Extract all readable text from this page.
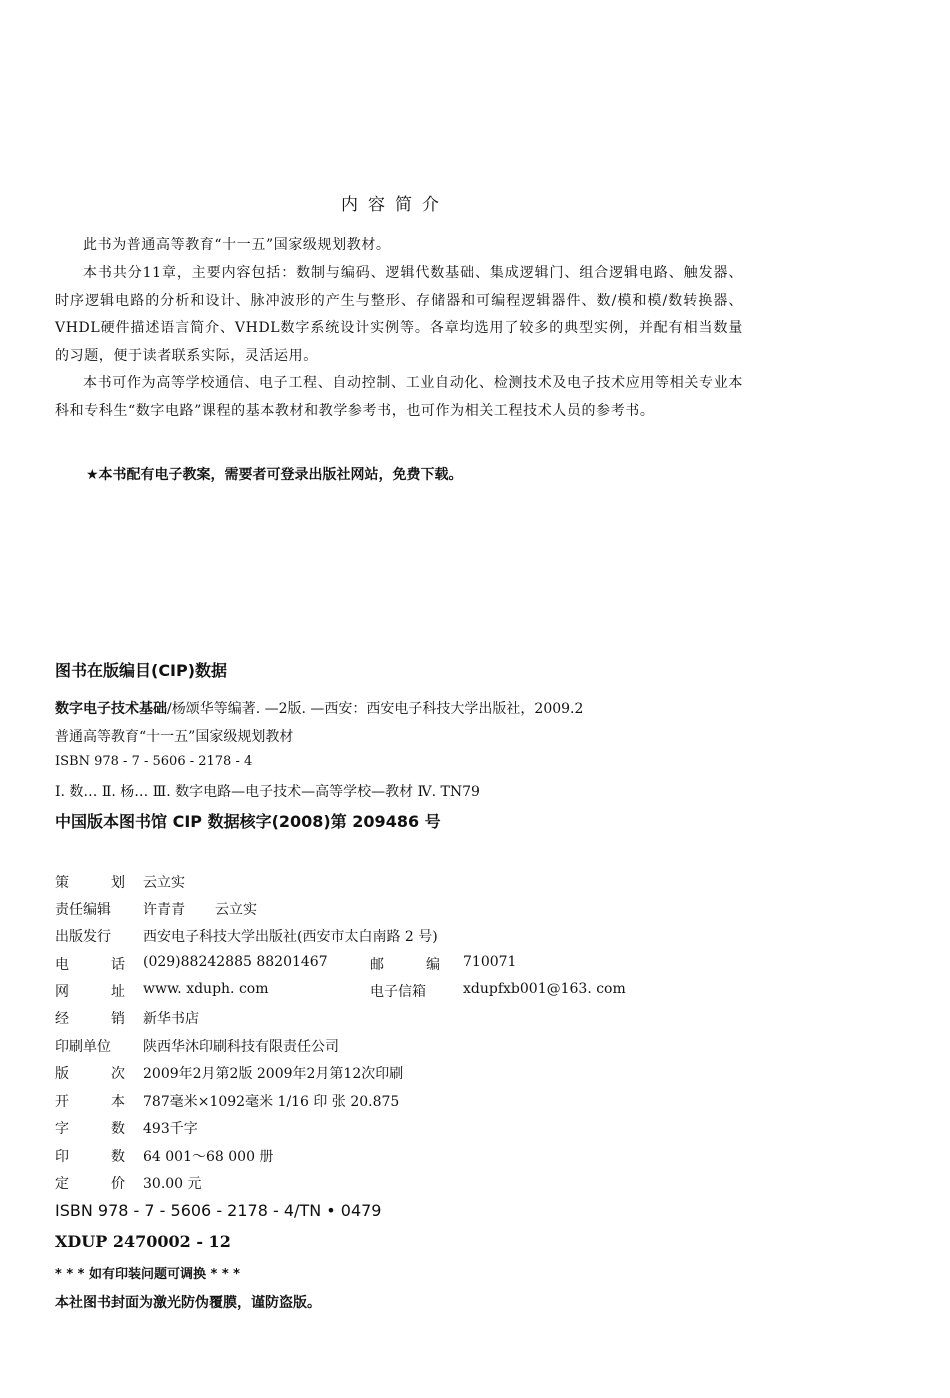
内容简介
此书为普通高等教育“十一五”国家级规划教材。
本书共分11章，主要内容包括：数制与编码、逻辑代数基础、集成逻辑门、组合逻辑电路、触发器、时序逻辑电路的分析和设计、脉冲波形的产生与整形、存储器和可编程逻辑器件、数/模和模/数转换器、VHDL硬件描述语言简介、VHDL数字系统设计实例等。各章均选用了较多的典型实例，并配有相当数量的习题，便于读者联系实际，灵活运用。
本书可作为高等学校通信、电子工程、自动控制、工业自动化、检测技术及电子技术应用等相关专业本科和专科生“数字电路”课程的基本教材和教学参考书，也可作为相关工程技术人员的参考书。
★本书配有电子教案，需要者可登录出版社网站，免费下载。
图书在版编目(CIP)数据
数字电子技术基础/杨颂华等编著. —2版. —西安：西安电子科技大学出版社，2009.2
普通高等教育“十一五”国家级规划教材
ISBN 978 - 7 - 5606 - 2178 - 4
Ⅰ. 数… Ⅱ. 杨… Ⅲ. 数字电路—电子技术—高等学校—教材 Ⅳ. TN79
中国版本图书馆 CIP 数据核字(2008)第 209486 号
策	划 云立实
责任编辑	许青青 云立实
出版发行	西安电子科技大学出版社(西安市太白南路 2 号)
电	话 (029)88242885 88201467	邮	编 710071
网	址 www. xduph. com	电子信箱	xdupfxb001@163. com
经	销 新华书店
印刷单位	陕西华沐印刷科技有限责任公司
版	次 2009年2月第2版 2009年2月第12次印刷
开	本 787毫米×1092毫米 1/16 印 张 20.875
字	数 493千字
印	数 64 001～68 000 册
定	价 30.00 元
ISBN 978 - 7 - 5606 - 2178 - 4/TN • 0479
XDUP 2470002 - 12
* * * 如有印装问题可调换 * * *
本社图书封面为激光防伪覆膜，谨防盗版。
